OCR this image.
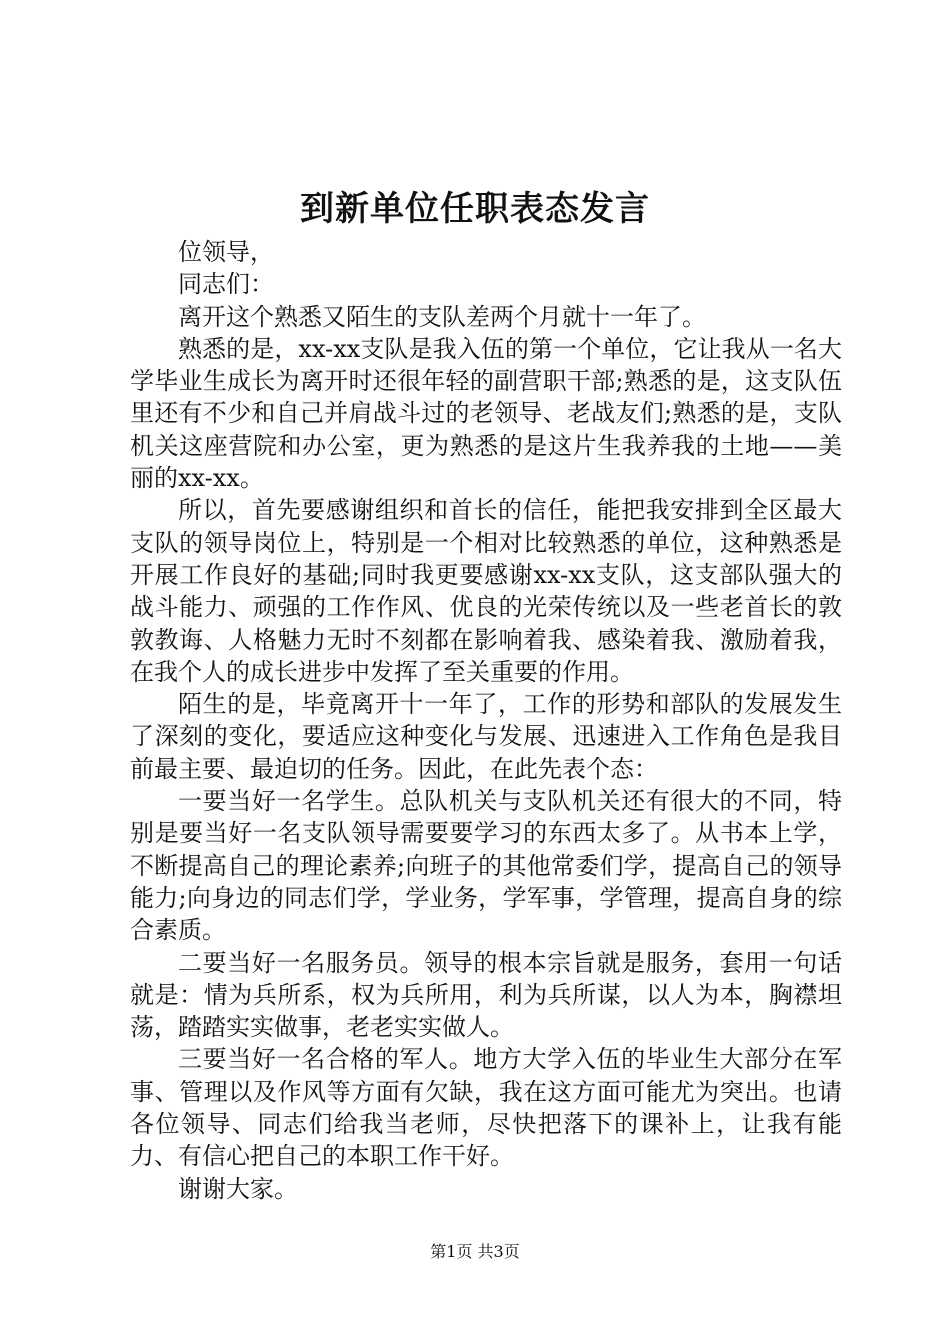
到新单位任职表态发言

位领导，

同志们：

离开这个熟悉又陌生的支队差两个月就十一年了。

熟悉的是，xx-xx支队是我入伍的第一个单位，它让我从一名大学毕业生成长为离开时还很年轻的副营职干部;熟悉的是，这支队伍里还有不少和自己并肩战斗过的老领导、老战友们;熟悉的是，支队机关这座营院和办公室，更为熟悉的是这片生我养我的土地——美丽的xx-xx。

所以，首先要感谢组织和首长的信任，能把我安排到全区最大支队的领导岗位上，特别是一个相对比较熟悉的单位，这种熟悉是开展工作良好的基础;同时我更要感谢xx-xx支队，这支部队强大的战斗能力、顽强的工作作风、优良的光荣传统以及一些老首长的敦敦教诲、人格魅力无时不刻都在影响着我、感染着我、激励着我，在我个人的成长进步中发挥了至关重要的作用。

陌生的是，毕竟离开十一年了，工作的形势和部队的发展发生了深刻的变化，要适应这种变化与发展、迅速进入工作角色是我目前最主要、最迫切的任务。因此，在此先表个态：

一要当好一名学生。总队机关与支队机关还有很大的不同，特别是要当好一名支队领导需要要学习的东西太多了。从书本上学，不断提高自己的理论素养;向班子的其他常委们学，提高自己的领导能力;向身边的同志们学，学业务，学军事，学管理，提高自身的综合素质。

二要当好一名服务员。领导的根本宗旨就是服务，套用一句话就是：情为兵所系，权为兵所用，利为兵所谋，以人为本，胸襟坦荡，踏踏实实做事，老老实实做人。

三要当好一名合格的军人。地方大学入伍的毕业生大部分在军事、管理以及作风等方面有欠缺，我在这方面可能尤为突出。也请各位领导、同志们给我当老师，尽快把落下的课补上，让我有能力、有信心把自己的本职工作干好。

谢谢大家。

第1页 共3页
